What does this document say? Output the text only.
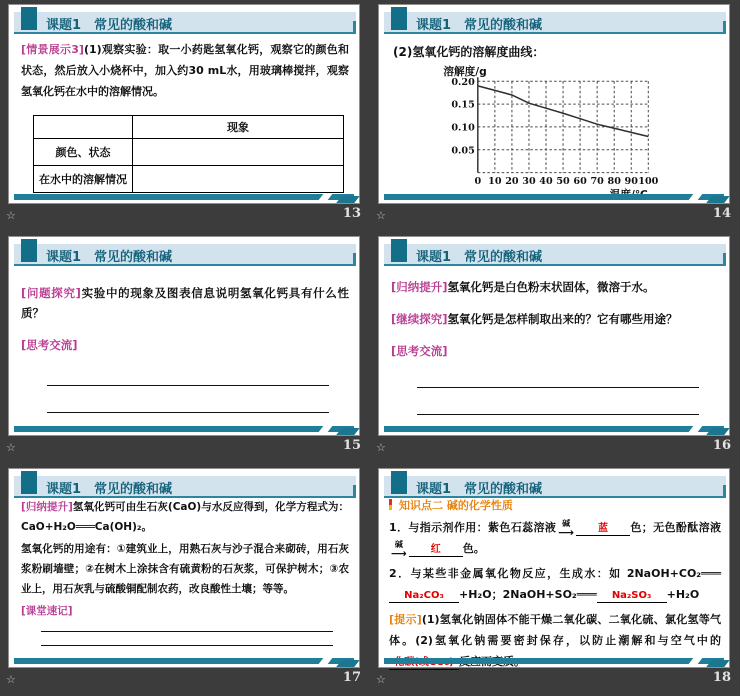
课题1 常见的酸和碱
[情景展示3](1)观察实验：取一小药匙氢氧化钙，观察它的颜色和状态，然后放入小烧杯中，加入约30 mL水，用玻璃棒搅拌，观察氢氧化钙在水中的溶解情况。
	现象
颜色、状态	
在水中的溶解情况	
☆	13
课题1 常见的酸和碱
(2)氢氧化钙的溶解度曲线：
溶解度/g
0.05
0.10
0.15
0.20
0 10 20 30 40 50 60 70 80 90 100
☆	14
课题1 常见的酸和碱
[问题探究]实验中的现象及图表信息说明氢氧化钙具有什么性质？
[思考交流]
☆	15
课题1 常见的酸和碱
[归纳提升]氢氧化钙是白色粉末状固体，微溶于水。
[继续探究]氢氧化钙是怎样制取出来的？它有哪些用途？
[思考交流]
☆	16
课题1 常见的酸和碱
[归纳提升]氢氧化钙可由生石灰(CaO)与水反应得到，化学方程式为：CaO+H₂O═══Ca(OH)₂。
氢氧化钙的用途有：①建筑业上，用熟石灰与沙子混合来砌砖，用石灰浆粉刷墙壁；②在树木上涂抹含有硫黄粉的石灰浆，可保护树木；③农业上，用石灰乳与硫酸铜配制农药，改良酸性土壤；等等。
[课堂速记]
☆	17
课题1 常见的酸和碱
知识点二 碱的化学性质
1．与指示剂作用：紫色石蕊溶液 碱
⟶ 蓝 色；无色酚酞溶液
碱
⟶ 红 色。
2．与某些非金属氧化物反应，生成水：如 2NaOH+CO₂═══Na₂CO₃ +H₂O；2NaOH+SO₂═══ Na₂SO₃ +H₂O
[提示](1)氢氧化钠固体不能干燥二氧化碳、二氧化硫、氯化氢等气体。(2)氢氧化钠需要密封保存，以防止潮解和与空气中的
☆	18
